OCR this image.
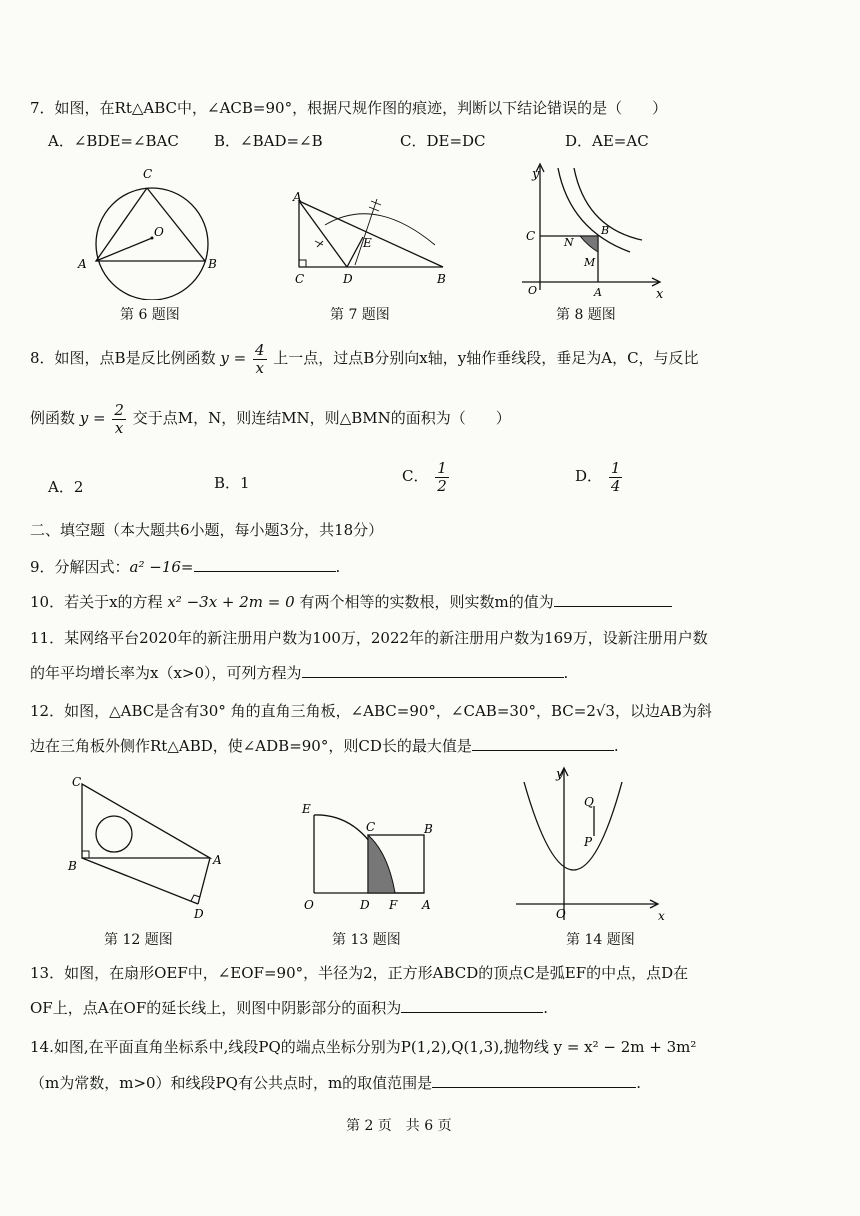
7．如图，在Rt△ABC中，∠ACB=90°，根据尺规作图的痕迹，判断以下结论错误的是（　　）
A．∠BDE=∠BAC B．∠BAD=∠B	C．DE=DC	D．AE=AC
C
O
A	B
第 6 题图
A
C	D
E
B
第 7 题图
y
C	N
B
M
O	A	x
第 8 题图
8．如图，点B是反比例函数 $y = \frac{4}{x}$ 上一点，过点B分别向x轴，y轴作垂线段，垂足为A，C，与反比
例函数 $y = \frac{2}{x}$ 交于点M，N，则连结MN，则△BMN的面积为（　　）
A．2	B．1	C． $\frac{1}{2}$	D． $\frac{1}{4}$
二、填空题（本大题共6小题，每小题3分，共18分）
9．分解因式：a² −16=	.
10．若关于x的方程 x² −3x + 2m = 0 有两个相等的实数根，则实数m的值为
11．某网络平台2020年的新注册用户数为100万，2022年的新注册用户数为169万，设新注册用户数
的年平均增长率为x（x>0），可列方程为	.
12．如图，△ABC是含有30° 角的直角三角板，∠ABC=90°，∠CAB=30°，BC=2√3，以边AB为斜
边在三角板外侧作Rt△ABD，使∠ADB=90°，则CD长的最大值是	.
C
B	A
D
第 12 题图
E
C	B
O	D F A
第 13 题图
y
Q
P
O	x
第 14 题图
13．如图，在扇形OEF中，∠EOF=90°，半径为2，正方形ABCD的顶点C是弧EF的中点，点D在
OF上，点A在OF的延长线上，则图中阴影部分的面积为	.
14.如图,在平面直角坐标系中,线段PQ的端点坐标分别为P(1,2),Q(1,3),抛物线 y = x² − 2m + 3m²
（m为常数，m>0）和线段PQ有公共点时，m的取值范围是	.
第 2 页　共 6 页
